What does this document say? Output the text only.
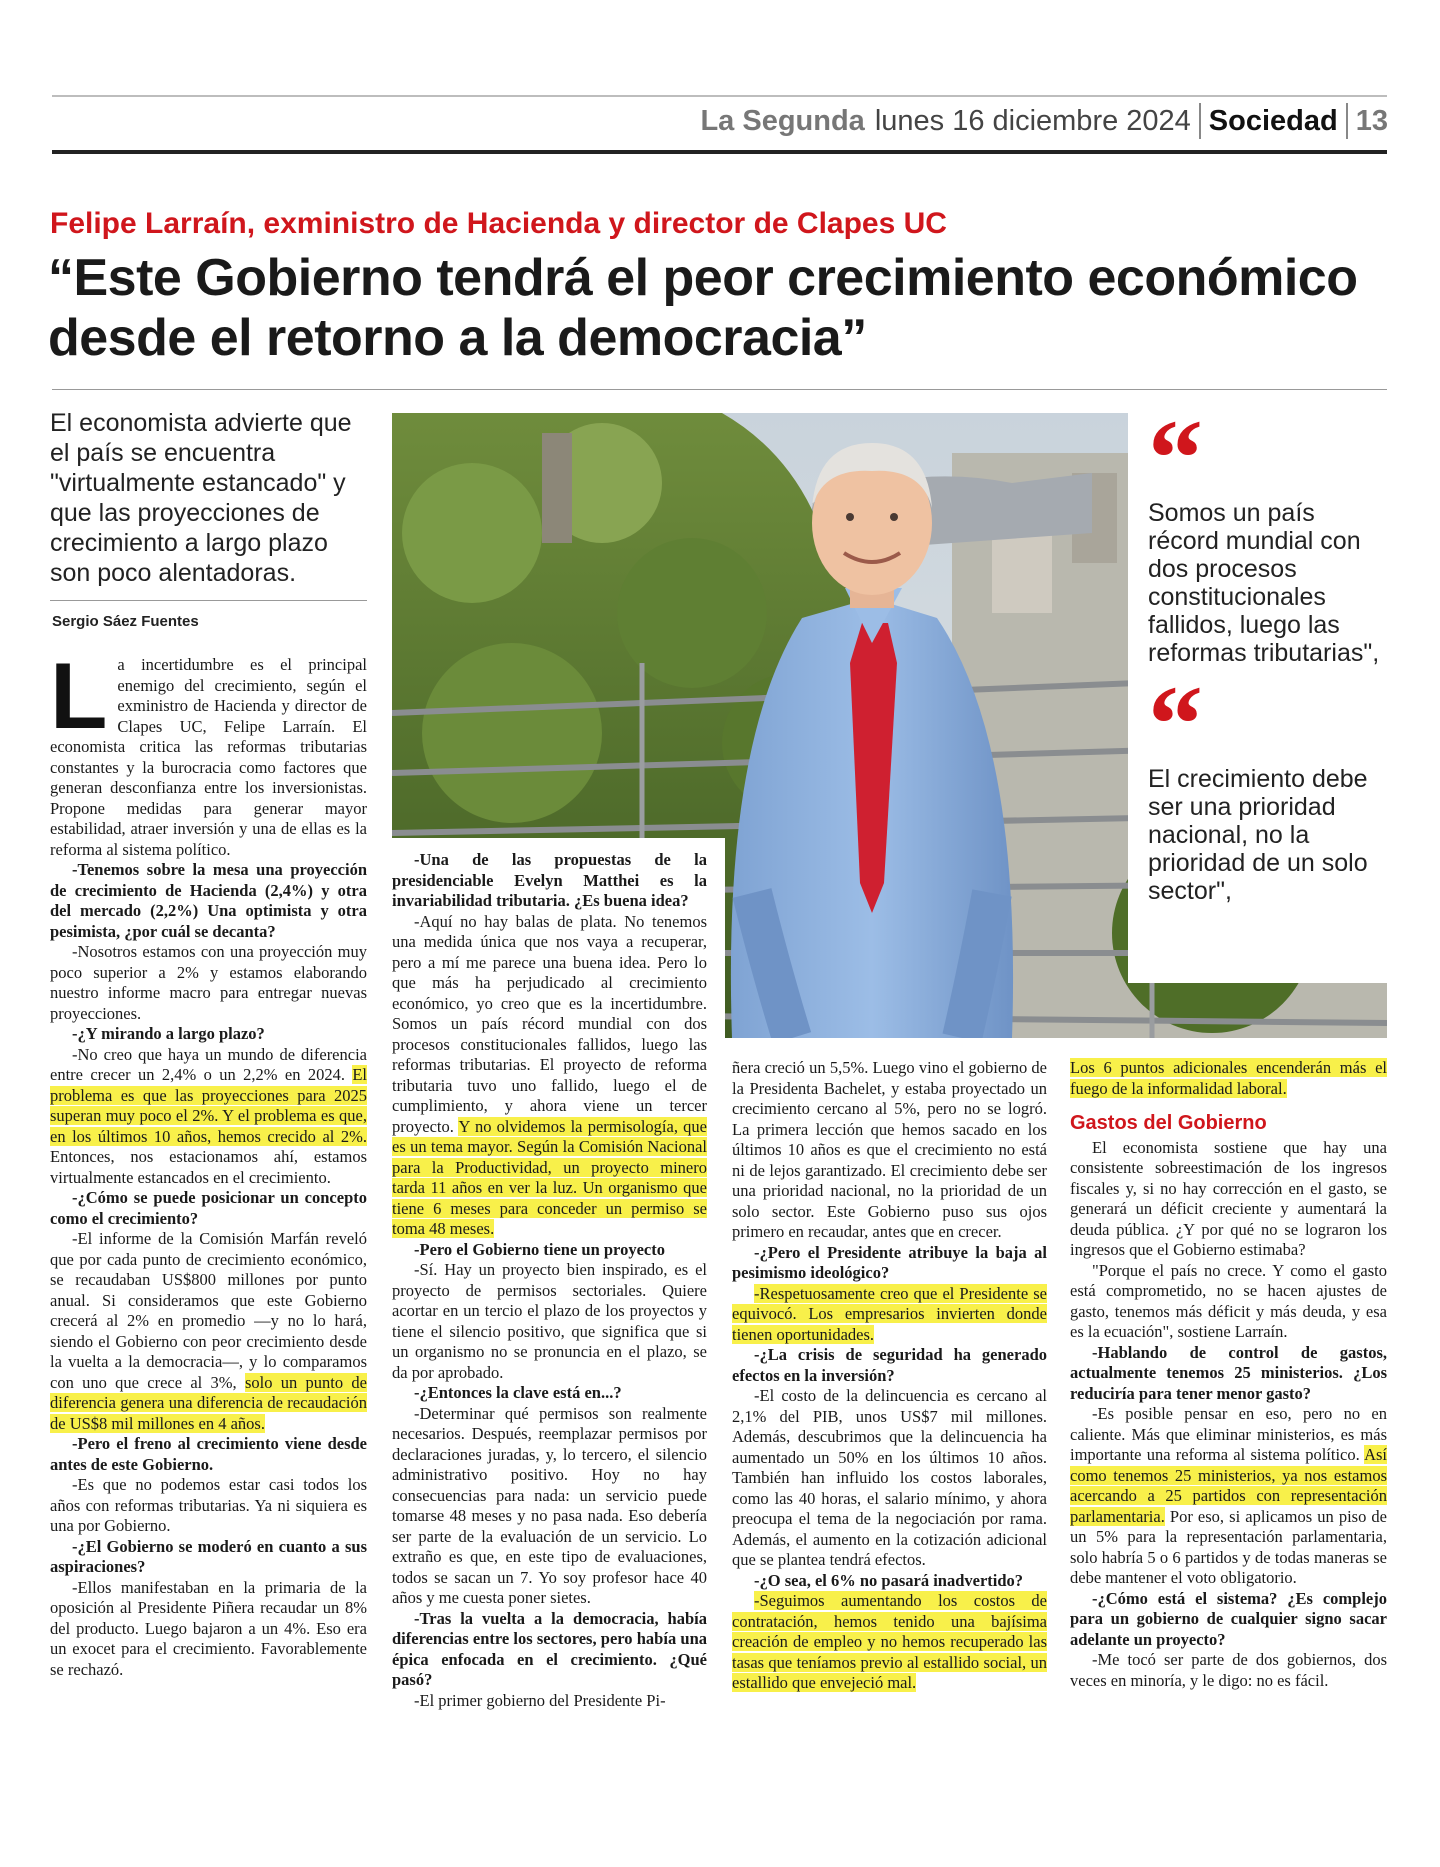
La Segunda lunes 16 diciembre 2024 Sociedad 13
Felipe Larraín, exministro de Hacienda y director de Clapes UC
“Este Gobierno tendrá el peor crecimiento económico desde el retorno a la democracia”
El economista advierte que el país se encuentra "virtualmente estancado" y que las proyecciones de crecimiento a largo plazo son poco alentadoras.
Sergio Sáez Fuentes
“
Somos un país récord mundial con dos procesos constitucionales fallidos, luego las reformas tributarias",
“
El crecimiento debe ser una prioridad nacional, no la prioridad de un solo sector",

La incertidumbre es el principal enemigo del crecimiento, según el exministro de Hacienda y director de Clapes UC, Felipe Larraín. El economista critica las reformas tributarias constantes y la burocracia como factores que generan desconfianza entre los inversionistas. Propone medidas para generar mayor estabilidad, atraer inversión y una de ellas es la reforma al sistema político.

-Tenemos sobre la mesa una proyección de crecimiento de Hacienda (2,4%) y otra del mercado (2,2%) Una optimista y otra pesimista, ¿por cuál se decanta?

-Nosotros estamos con una proyección muy poco superior a 2% y estamos elaborando nuestro informe macro para entregar nuevas proyecciones.

-¿Y mirando a largo plazo?

-No creo que haya un mundo de diferencia entre crecer un 2,4% o un 2,2% en 2024. El problema es que las proyecciones para 2025 superan muy poco el 2%. Y el problema es que, en los últimos 10 años, hemos crecido al 2%. Entonces, nos estacionamos ahí, estamos virtualmente estancados en el crecimiento.

-¿Cómo se puede posicionar un concepto como el crecimiento?

-El informe de la Comisión Marfán reveló que por cada punto de crecimiento económico, se recaudaban US$800 millones por punto anual. Si consideramos que este Gobierno crecerá al 2% en promedio —y no lo hará, siendo el Gobierno con peor crecimiento desde la vuelta a la democracia—, y lo comparamos con uno que crece al 3%, solo un punto de diferencia genera una diferencia de recaudación de US$8 mil millones en 4 años.

-Pero el freno al crecimiento viene desde antes de este Gobierno.

-Es que no podemos estar casi todos los años con reformas tributarias. Ya ni siquiera es una por Gobierno.

-¿El Gobierno se moderó en cuanto a sus aspiraciones?

-Ellos manifestaban en la primaria de la oposición al Presidente Piñera recaudar un 8% del producto. Luego bajaron a un 4%. Eso era un exocet para el crecimiento. Favorablemente se rechazó.

-Una de las propuestas de la presidenciable Evelyn Matthei es la invariabilidad tributaria. ¿Es buena idea?

-Aquí no hay balas de plata. No tenemos una medida única que nos vaya a recuperar, pero a mí me parece una buena idea. Pero lo que más ha perjudicado al crecimiento económico, yo creo que es la incertidumbre. Somos un país récord mundial con dos procesos constitucionales fallidos, luego las reformas tributarias. El proyecto de reforma tributaria tuvo uno fallido, luego el de cumplimiento, y ahora viene un tercer proyecto. Y no olvidemos la permisología, que es un tema mayor. Según la Comisión Nacional para la Productividad, un proyecto minero tarda 11 años en ver la luz. Un organismo que tiene 6 meses para conceder un permiso se toma 48 meses.

-Pero el Gobierno tiene un proyecto

-Sí. Hay un proyecto bien inspirado, es el proyecto de permisos sectoriales. Quiere acortar en un tercio el plazo de los proyectos y tiene el silencio positivo, que significa que si un organismo no se pronuncia en el plazo, se da por aprobado.

-¿Entonces la clave está en...?

-Determinar qué permisos son realmente necesarios. Después, reemplazar permisos por declaraciones juradas, y, lo tercero, el silencio administrativo positivo. Hoy no hay consecuencias para nada: un servicio puede tomarse 48 meses y no pasa nada. Eso debería ser parte de la evaluación de un servicio. Lo extraño es que, en este tipo de evaluaciones, todos se sacan un 7. Yo soy profesor hace 40 años y me cuesta poner sietes.

-Tras la vuelta a la democracia, había diferencias entre los sectores, pero había una épica enfocada en el crecimiento. ¿Qué pasó?

-El primer gobierno del Presidente Pi-

ñera creció un 5,5%. Luego vino el gobierno de la Presidenta Bachelet, y estaba proyectado un crecimiento cercano al 5%, pero no se logró. La primera lección que hemos sacado en los últimos 10 años es que el crecimiento no está ni de lejos garantizado. El crecimiento debe ser una prioridad nacional, no la prioridad de un solo sector. Este Gobierno puso sus ojos primero en recaudar, antes que en crecer.

-¿Pero el Presidente atribuye la baja al pesimismo ideológico?

-Respetuosamente creo que el Presidente se equivocó. Los empresarios invierten donde tienen oportunidades.

-¿La crisis de seguridad ha generado efectos en la inversión?

-El costo de la delincuencia es cercano al 2,1% del PIB, unos US$7 mil millones. Además, descubrimos que la delincuencia ha aumentado un 50% en los últimos 10 años. También han influido los costos laborales, como las 40 horas, el salario mínimo, y ahora preocupa el tema de la negociación por rama. Además, el aumento en la cotización adicional que se plantea tendrá efectos.

-¿O sea, el 6% no pasará inadvertido?

-Seguimos aumentando los costos de contratación, hemos tenido una bajísima creación de empleo y no hemos recuperado las tasas que teníamos previo al estallido social, un estallido que envejeció mal.

Los 6 puntos adicionales encenderán más el fuego de la informalidad laboral.

Gastos del Gobierno

El economista sostiene que hay una consistente sobreestimación de los ingresos fiscales y, si no hay corrección en el gasto, se generará un déficit creciente y aumentará la deuda pública. ¿Y por qué no se lograron los ingresos que el Gobierno estimaba?

"Porque el país no crece. Y como el gasto está comprometido, no se hacen ajustes de gasto, tenemos más déficit y más deuda, y esa es la ecuación", sostiene Larraín.

-Hablando de control de gastos, actualmente tenemos 25 ministerios. ¿Los reduciría para tener menor gasto?

-Es posible pensar en eso, pero no en caliente. Más que eliminar ministerios, es más importante una reforma al sistema político. Así como tenemos 25 ministerios, ya nos estamos acercando a 25 partidos con representación parlamentaria. Por eso, si aplicamos un piso de un 5% para la representación parlamentaria, solo habría 5 o 6 partidos y de todas maneras se debe mantener el voto obligatorio.

-¿Cómo está el sistema? ¿Es complejo para un gobierno de cualquier signo sacar adelante un proyecto?

-Me tocó ser parte de dos gobiernos, dos veces en minoría, y le digo: no es fácil.
